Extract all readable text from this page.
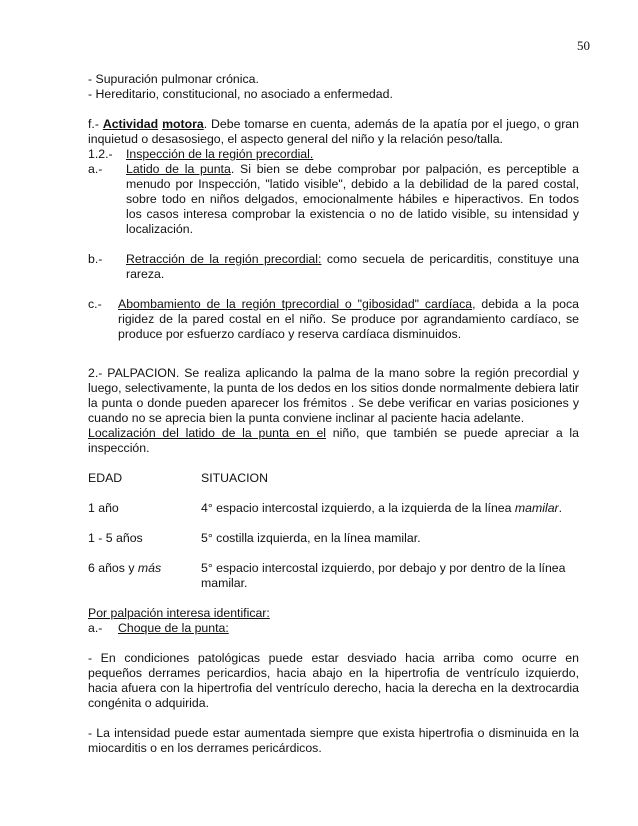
50

- Supuración pulmonar crónica.

- Hereditario, constitucional, no asociado a enfermedad.

f.- Actividad motora. Debe tomarse en cuenta, además de la apatía por el juego, o gran inquietud o desasosiego, el aspecto general del niño y la relación peso/talla.

1.2.-	Inspección de la región precordial.
a.-	Latido de la punta. Si bien se debe comprobar por palpación, es perceptible a menudo por Inspección, "latido visible", debido a la debilidad de la pared costal, sobre todo en niños delgados, emocionalmente hábiles e hiperactivos. En todos los casos interesa comprobar la existencia o no de latido visible, su intensidad y localización.
b.-	Retracción de la región precordial: como secuela de pericarditis, constituye una rareza.
c.-	Abombamiento de la región tprecordial o "gibosidad" cardíaca, debida a la poca rigidez de la pared costal en el niño. Se produce por agrandamiento cardíaco, se produce por esfuerzo cardíaco y reserva cardíaca disminuidos.

2.- PALPACION. Se realiza aplicando la palma de la mano sobre la región precordial y luego, selectivamente, la punta de los dedos en los sitios donde normalmente debiera latir la punta o donde pueden aparecer los frémitos . Se debe verificar en varias posiciones y cuando no se aprecia bien la punta conviene inclinar al paciente hacia adelante.

Localización del latido de la punta en el niño, que también se puede apreciar a la inspección.

EDAD	SITUACION
1 año	4° espacio intercostal izquierdo, a la izquierda de la línea mamilar.
1 - 5 años	5° costilla izquierda, en la línea mamilar.
6 años y más	5° espacio intercostal izquierdo, por debajo y por dentro de la línea mamilar.

Por palpación interesa identificar:

a.-	Choque de la punta:

- En condiciones patológicas puede estar desviado hacia arriba como ocurre en pequeños derrames pericardios, hacia abajo en la hipertrofia de ventrículo izquierdo, hacia afuera con la hipertrofia del ventrículo derecho, hacia la derecha en la dextrocardia congénita o adquirida.

- La intensidad puede estar aumentada siempre que exista hipertrofia o disminuida en la miocarditis o en los derrames pericárdicos.
